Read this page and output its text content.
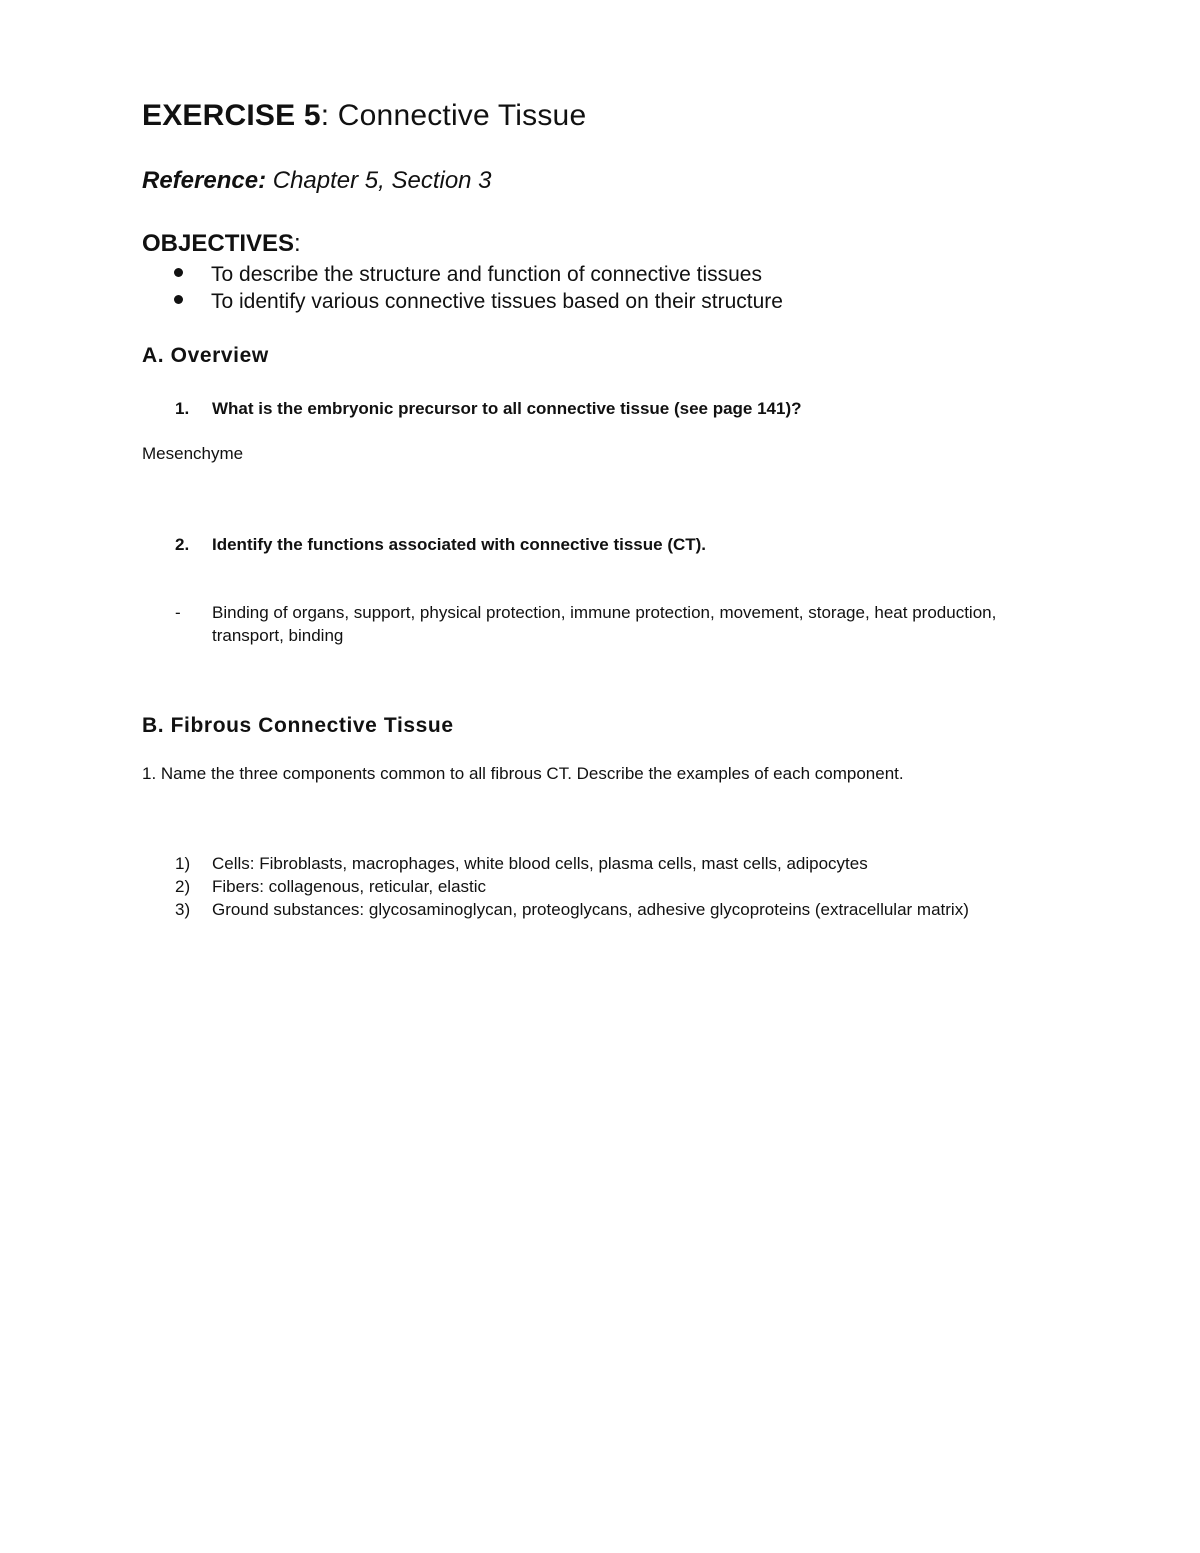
EXERCISE 5: Connective Tissue
Reference: Chapter 5, Section 3
OBJECTIVES:
To describe the structure and function of connective tissues
To identify various connective tissues based on their structure
A. Overview
1. What is the embryonic precursor to all connective tissue (see page 141)?
Mesenchyme
2. Identify the functions associated with connective tissue (CT).
- Binding of organs, support, physical protection, immune protection, movement, storage, heat production, transport, binding
B. Fibrous Connective Tissue
1. Name the three components common to all fibrous CT. Describe the examples of each component.
1) Cells: Fibroblasts, macrophages, white blood cells, plasma cells, mast cells, adipocytes
2) Fibers: collagenous, reticular, elastic
3) Ground substances: glycosaminoglycan, proteoglycans, adhesive glycoproteins (extracellular matrix)
